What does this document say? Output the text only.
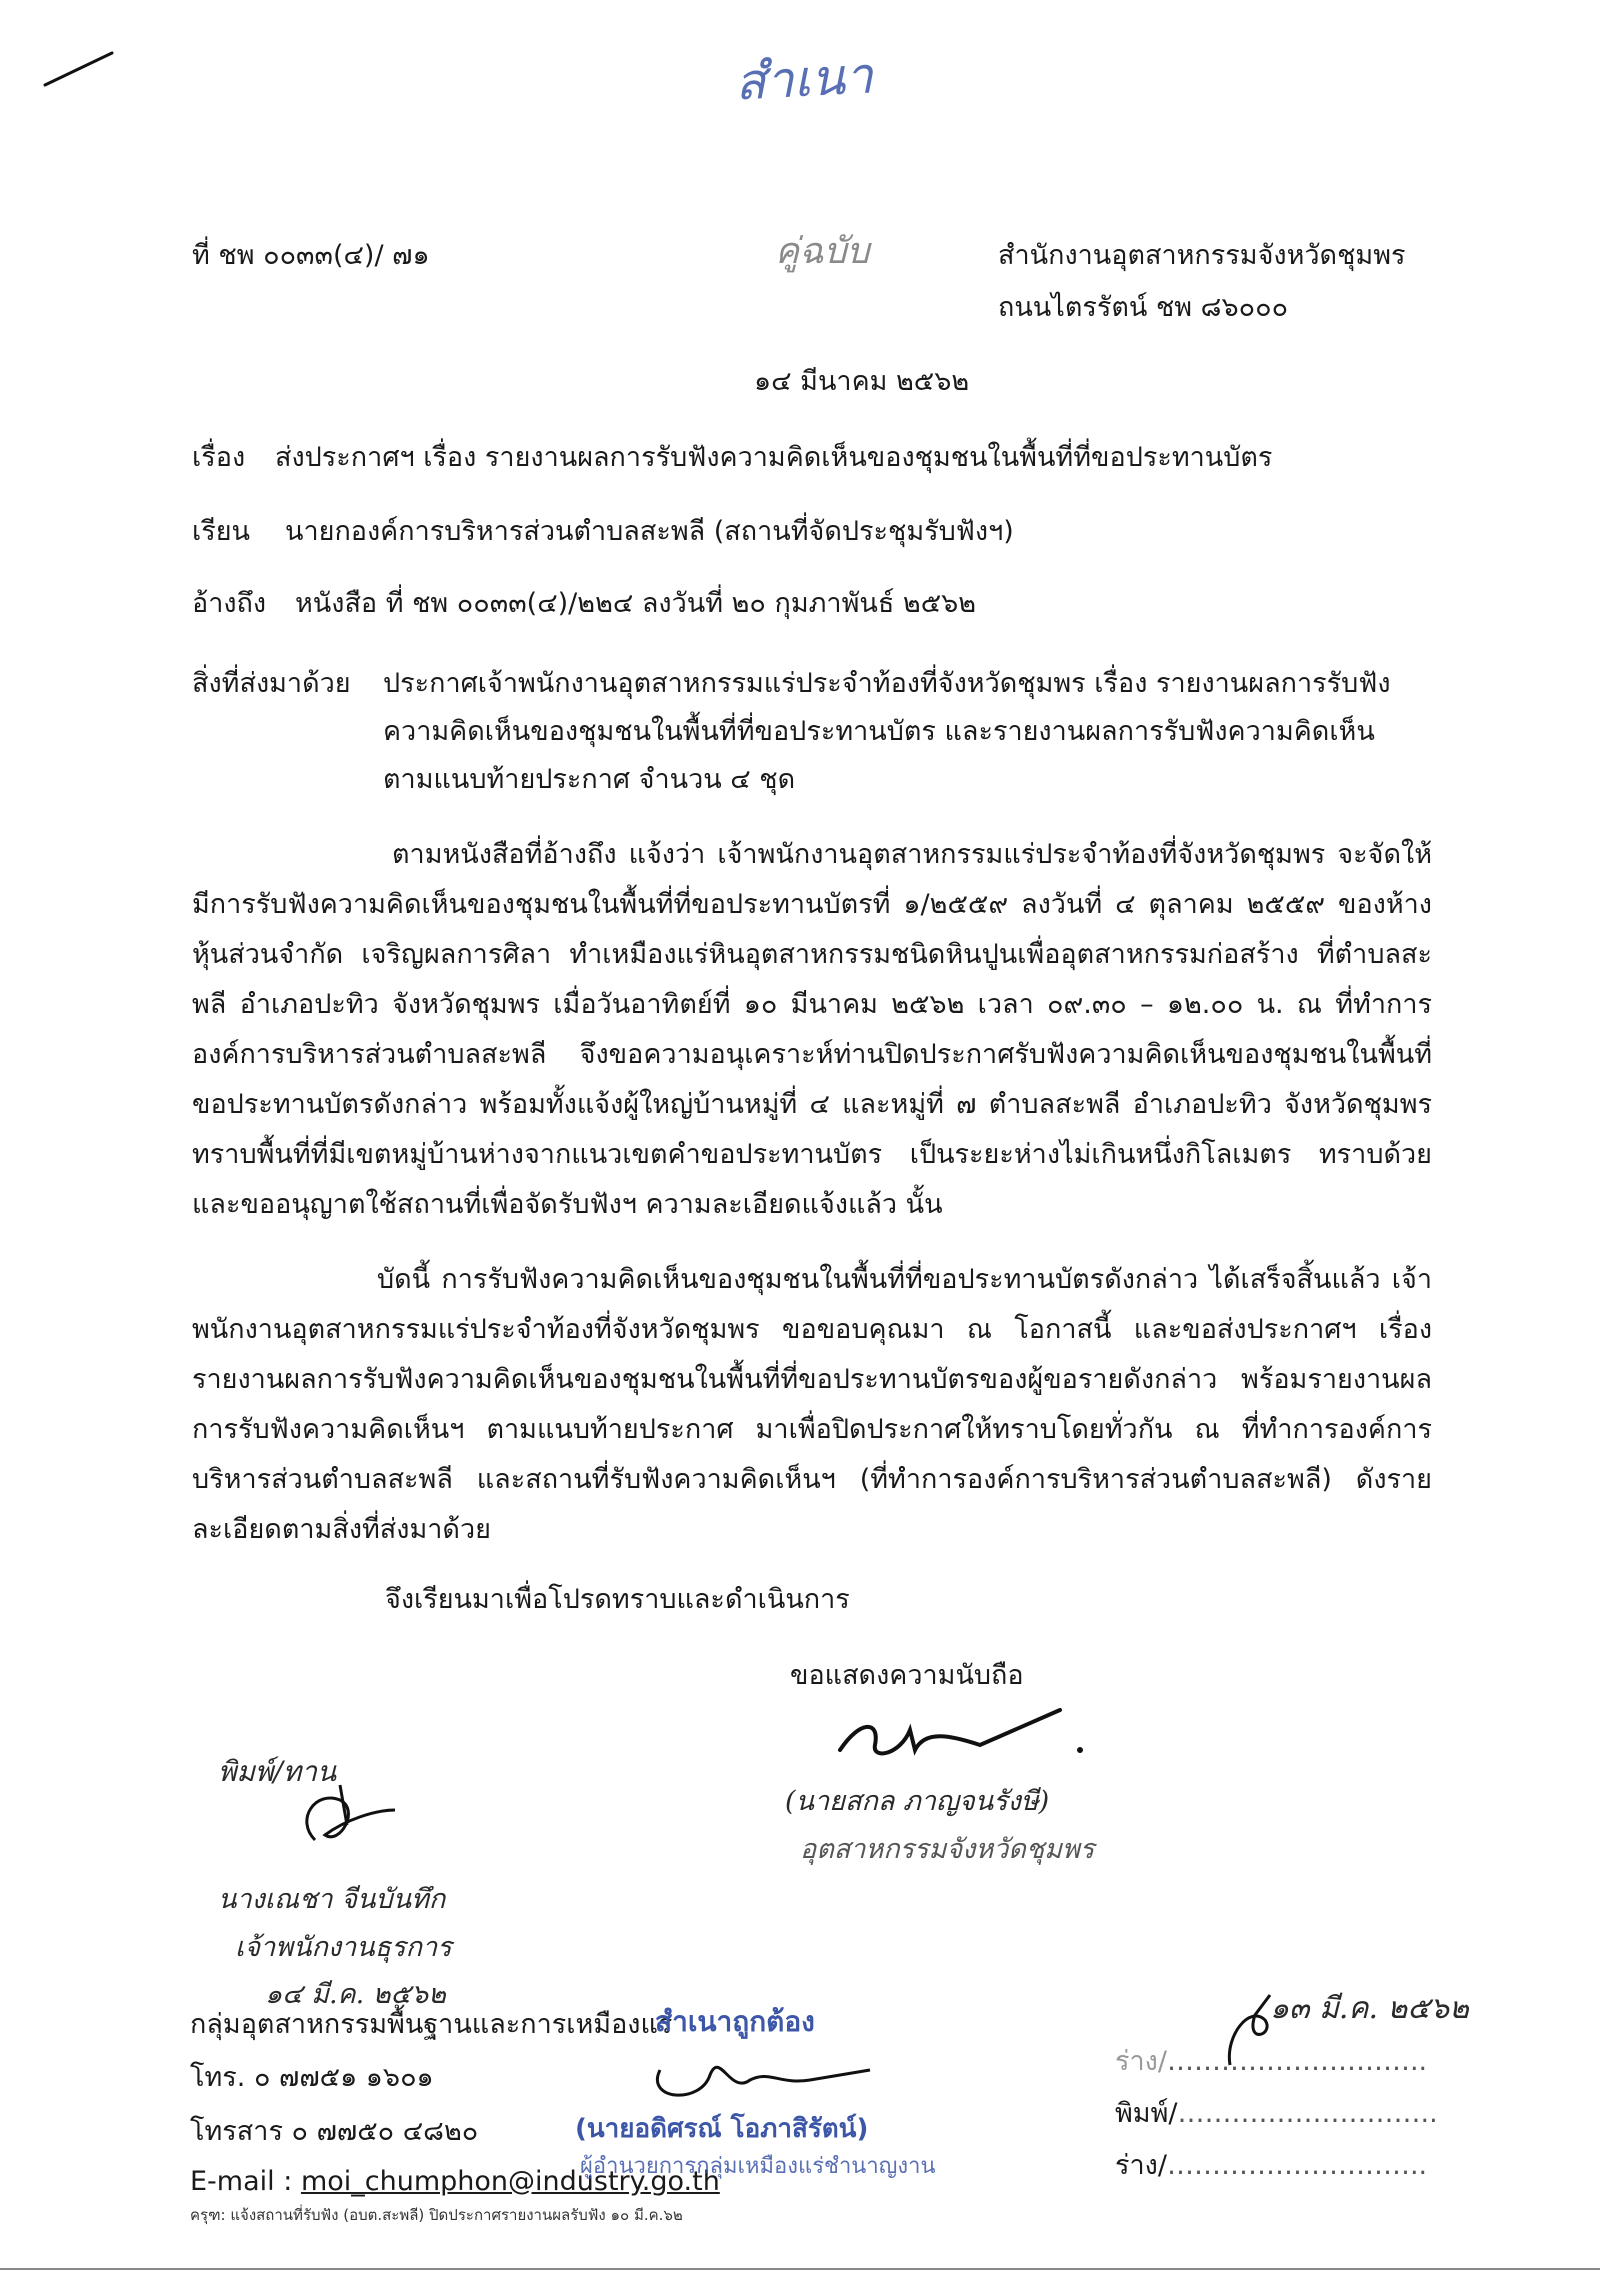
สำเนา
ที่ ชพ ๐๐๓๓(๔)/ ๗๑	คู่ฉบับ	สำนักงานอุตสาหกรรมจังหวัดชุมพร
ถนนไตรรัตน์ ชพ ๘๖๐๐๐
๑๔ มีนาคม ๒๕๖๒
เรื่อง ส่งประกาศฯ เรื่อง รายงานผลการรับฟังความคิดเห็นของชุมชนในพื้นที่ที่ขอประทานบัตร
เรียน นายกองค์การบริหารส่วนตำบลสะพลี (สถานที่จัดประชุมรับฟังฯ)
อ้างถึง หนังสือ ที่ ชพ ๐๐๓๓(๔)/๒๒๔ ลงวันที่ ๒๐ กุมภาพันธ์ ๒๕๖๒
สิ่งที่ส่งมาด้วย ประกาศเจ้าพนักงานอุตสาหกรรมแร่ประจำท้องที่จังหวัดชุมพร เรื่อง รายงานผลการรับฟัง
ความคิดเห็นของชุมชนในพื้นที่ที่ขอประทานบัตร และรายงานผลการรับฟังความคิดเห็น
ตามแนบท้ายประกาศ จำนวน ๔ ชุด
ตามหนังสือที่อ้างถึง แจ้งว่า เจ้าพนักงานอุตสาหกรรมแร่ประจำท้องที่จังหวัดชุมพร จะจัดให้มีการรับฟังความคิดเห็นของชุมชนในพื้นที่ที่ขอประทานบัตรที่ ๑/๒๕๕๙ ลงวันที่ ๔ ตุลาคม ๒๕๕๙ ของห้างหุ้นส่วนจำกัด เจริญผลการศิลา ทำเหมืองแร่หินอุตสาหกรรมชนิดหินปูนเพื่ออุตสาหกรรมก่อสร้าง ที่ตำบลสะพลี อำเภอปะทิว จังหวัดชุมพร เมื่อวันอาทิตย์ที่ ๑๐ มีนาคม ๒๕๖๒ เวลา ๐๙.๓๐ – ๑๒.๐๐ น. ณ ที่ทำการองค์การบริหารส่วนตำบลสะพลี จึงขอความอนุเคราะห์ท่านปิดประกาศรับฟังความคิดเห็นของชุมชนในพื้นที่ขอประทานบัตรดังกล่าว พร้อมทั้งแจ้งผู้ใหญ่บ้านหมู่ที่ ๔ และหมู่ที่ ๗ ตำบลสะพลี อำเภอปะทิว จังหวัดชุมพร ทราบพื้นที่ที่มีเขตหมู่บ้านห่างจากแนวเขตคำขอประทานบัตร เป็นระยะห่างไม่เกินหนึ่งกิโลเมตร ทราบด้วย และขออนุญาตใช้สถานที่เพื่อจัดรับฟังฯ ความละเอียดแจ้งแล้ว นั้น
บัดนี้ การรับฟังความคิดเห็นของชุมชนในพื้นที่ที่ขอประทานบัตรดังกล่าว ได้เสร็จสิ้นแล้ว เจ้าพนักงานอุตสาหกรรมแร่ประจำท้องที่จังหวัดชุมพร ขอขอบคุณมา ณ โอกาสนี้ และขอส่งประกาศฯ เรื่อง รายงานผลการรับฟังความคิดเห็นของชุมชนในพื้นที่ที่ขอประทานบัตรของผู้ขอรายดังกล่าว พร้อมรายงานผลการรับฟังความคิดเห็นฯ ตามแนบท้ายประกาศ มาเพื่อปิดประกาศให้ทราบโดยทั่วกัน ณ ที่ทำการองค์การบริหารส่วนตำบลสะพลี และสถานที่รับฟังความคิดเห็นฯ (ที่ทำการองค์การบริหารส่วนตำบลสะพลี) ดังรายละเอียดตามสิ่งที่ส่งมาด้วย
จึงเรียนมาเพื่อโปรดทราบและดำเนินการ
ขอแสดงความนับถือ
(นายสกล ภาญจนรังษี)
อุตสาหกรรมจังหวัดชุมพร
พิมพ์/ทาน
นางเณชา จีนบันทึก
เจ้าพนักงานธุรการ
๑๔ มี.ค. ๒๕๖๒
กลุ่มอุตสาหกรรมพื้นฐานและการเหมืองแร่
โทร. ๐ ๗๗๕๑ ๑๖๐๑
โทรสาร ๐ ๗๗๕๐ ๔๘๒๐
E-mail : moi_chumphon@industry.go.th
ครุฑ: แจ้งสถานที่รับฟัง (อบต.สะพลี) ปิดประกาศรายงานผลรับฟัง ๑๐ มี.ค.๖๒
สำเนาถูกต้อง
(นายอดิศรณ์ โอภาสิรัตน์)
ผู้อำนวยการกลุ่มเหมืองแร่ชำนาญงาน
๑๓ มี.ค. ๒๕๖๒
ร่าง/………………………..
พิมพ์/………………………..
ร่าง/………………………..
